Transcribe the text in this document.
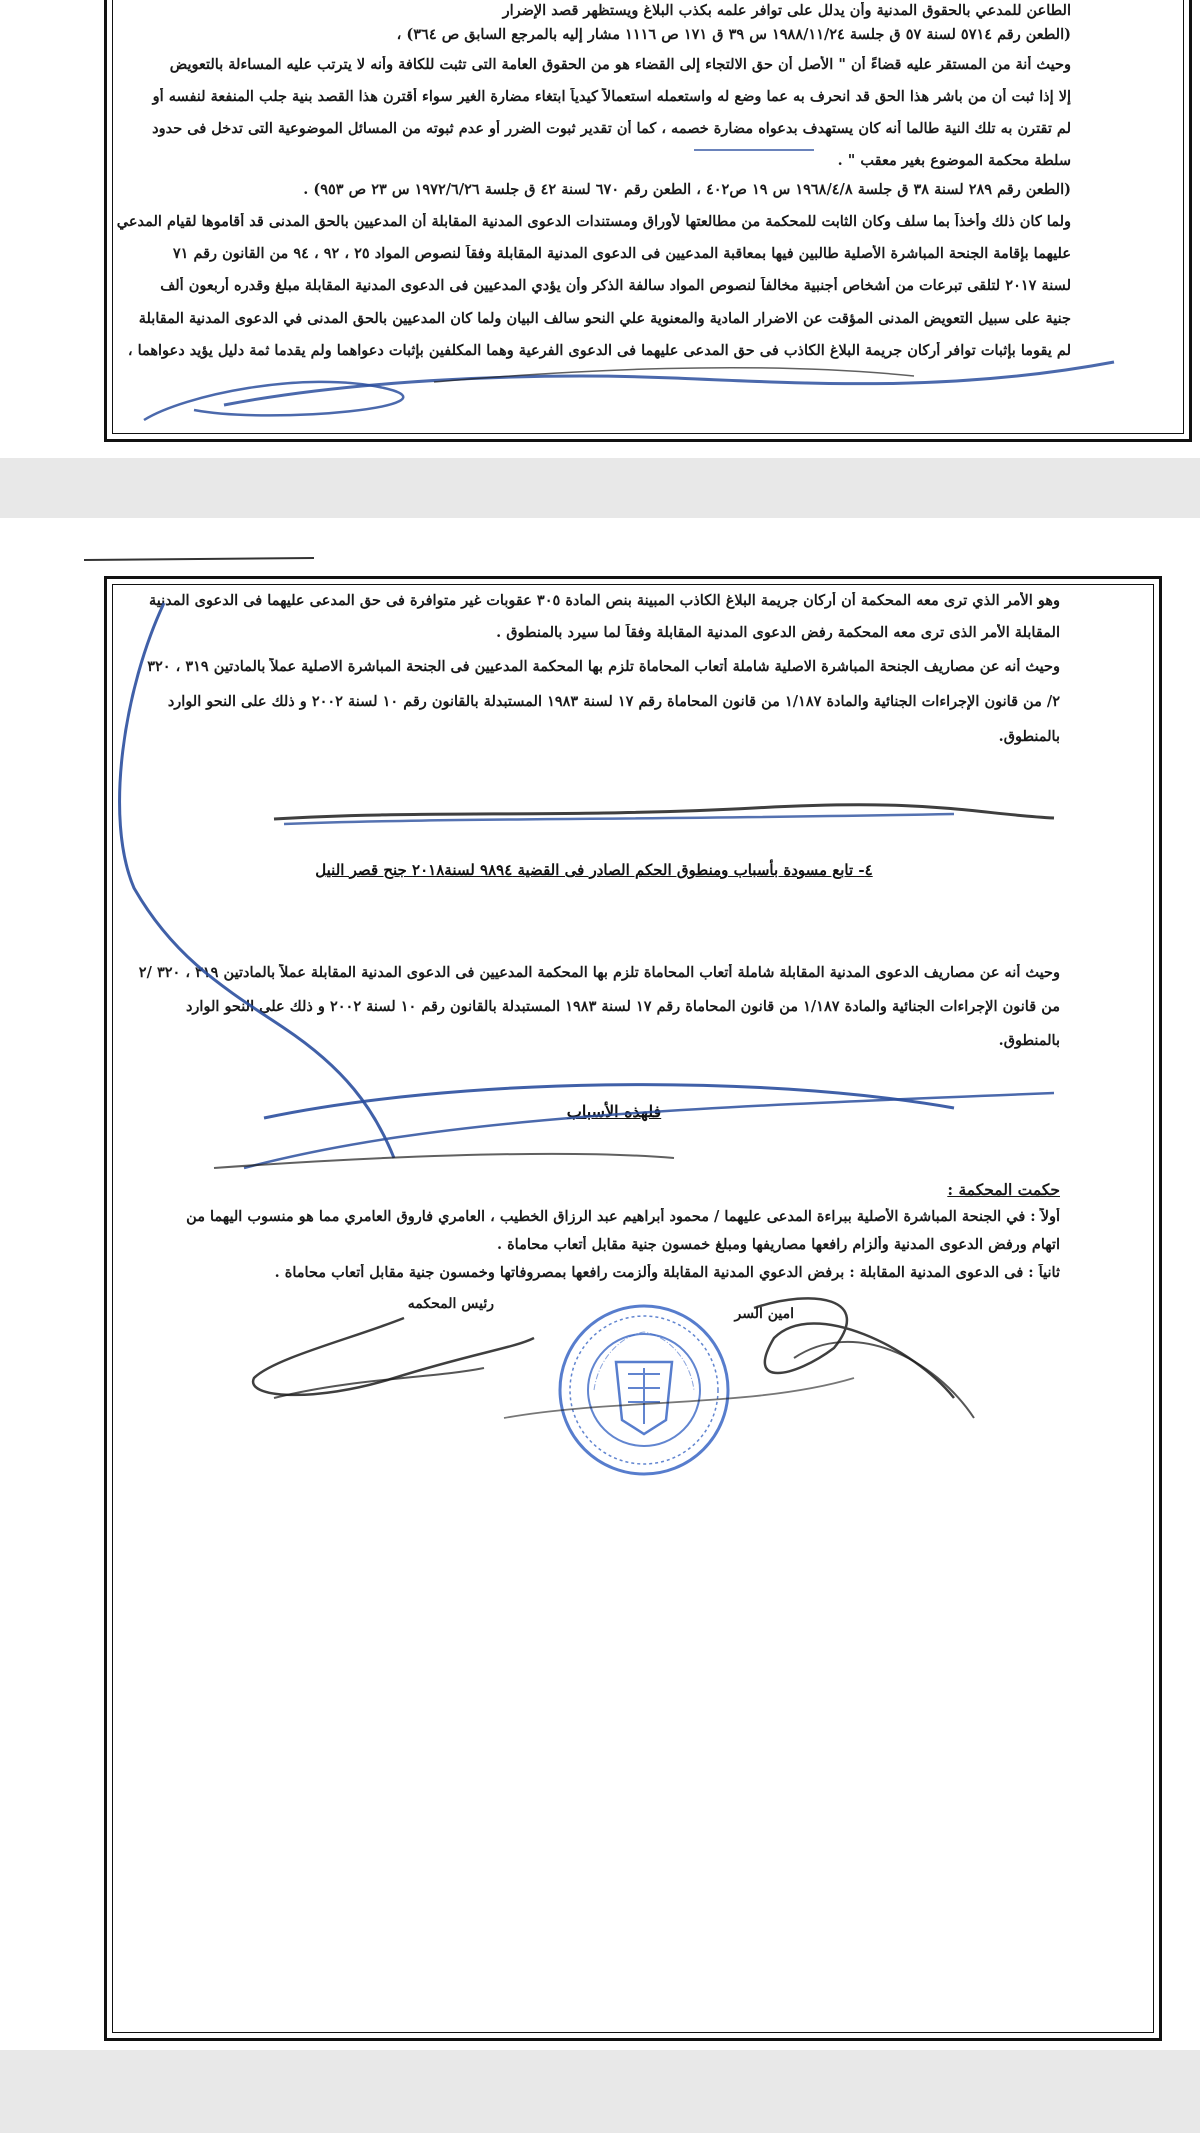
الطاعن للمدعي بالحقوق المدنية وأن يدلل على توافر علمه بكذب البلاغ ويستظهر قصد الإضرار
(الطعن رقم ٥٧١٤ لسنة ٥٧ ق جلسة ١٩٨٨/١١/٢٤ س ٣٩ ق ١٧١ ص ١١١٦ مشار إليه بالمرجع السابق ص ٣٦٤) ،
وحيث أنة من المستقر عليه قضاءً أن " الأصل أن حق الالتجاء إلى القضاء هو من الحقوق العامة التى تثبت للكافة وأنه لا يترتب عليه المساءلة بالتعويض
إلا إذا ثبت أن من باشر هذا الحق قد انحرف به عما وضع له واستعمله استعمالاً كيدياً ابتغاء مضارة الغير سواء أقترن هذا القصد بنية جلب المنفعة لنفسه أو
لم تقترن به تلك النية طالما أنه كان يستهدف بدعواه مضارة خصمه ، كما أن تقدير ثبوت الضرر أو عدم ثبوته من المسائل الموضوعية التى تدخل فى حدود
سلطة محكمة الموضوع بغير معقب " .
(الطعن رقم ٢٨٩ لسنة ٣٨ ق جلسة ١٩٦٨/٤/٨ س ١٩ ص٤٠٢ ، الطعن رقم ٦٧٠ لسنة ٤٢ ق جلسة ١٩٧٢/٦/٢٦ س ٢٣ ص ٩٥٣) .
ولما كان ذلك وأخذاً بما سلف وكان الثابت للمحكمة من مطالعتها لأوراق ومستندات الدعوى المدنية المقابلة أن المدعيين بالحق المدنى قد أقاموها لقيام المدعي
عليهما بإقامة الجنحة المباشرة الأصلية طالبين فيها بمعاقبة المدعيين فى الدعوى المدنية المقابلة وفقاً لنصوص المواد ٢٥ ، ٩٢ ، ٩٤ من القانون رقم ٧١
لسنة ٢٠١٧ لتلقى تبرعات من أشخاص أجنبية مخالفاً لنصوص المواد سالفة الذكر وأن يؤدي المدعيين فى الدعوى المدنية المقابلة مبلغ وقدره أربعون ألف
جنية على سبيل التعويض المدنى المؤقت عن الاضرار المادية والمعنوية علي النحو سالف البيان ولما كان المدعيين بالحق المدنى في الدعوى المدنية المقابلة
لم يقوما بإثبات توافر أركان جريمة البلاغ الكاذب فى حق المدعى عليهما فى الدعوى الفرعية وهما المكلفين بإثبات دعواهما ولم يقدما ثمة دليل يؤيد دعواهما ،
وهو الأمر الذي ترى معه المحكمة أن أركان جريمة البلاغ الكاذب المبينة بنص المادة ٣٠٥ عقوبات غير متوافرة فى حق المدعى عليهما فى الدعوى المدنية
المقابلة الأمر الذى ترى معه المحكمة رفض الدعوى المدنية المقابلة وفقاً لما سيرد بالمنطوق .
وحيث أنه عن مصاريف الجنحة المباشرة الاصلية شاملة أتعاب المحاماة تلزم بها المحكمة المدعيين فى الجنحة المباشرة الاصلية عملاً بالمادتين ٣١٩ ، ٣٢٠
٢/ من قانون الإجراءات الجنائية والمادة ١/١٨٧ من قانون المحاماة رقم ١٧ لسنة ١٩٨٣ المستبدلة بالقانون رقم ١٠ لسنة ٢٠٠٢ و ذلك على النحو الوارد
بالمنطوق.
٤- تابع مسودة بأسباب ومنطوق الحكم الصادر فى القضية ٩٨٩٤ لسنة٢٠١٨ جنح قصر النيل
وحيث أنه عن مصاريف الدعوى المدنية المقابلة شاملة أتعاب المحاماة تلزم بها المحكمة المدعيين فى الدعوى المدنية المقابلة عملاً بالمادتين ٣١٩ ، ٣٢٠ /٢
من قانون الإجراءات الجنائية والمادة ١/١٨٧ من قانون المحاماة رقم ١٧ لسنة ١٩٨٣ المستبدلة بالقانون رقم ١٠ لسنة ٢٠٠٢ و ذلك على النحو الوارد
بالمنطوق.
فلهذه الأسباب
حكمت المحكمة :
أولاً : في الجنحة المباشرة الأصلية ببراءة المدعى عليهما / محمود أبراهيم عبد الرزاق الخطيب ، العامري فاروق العامري مما هو منسوب اليهما من
اتهام ورفض الدعوى المدنية وألزام رافعها مصاريفها ومبلغ خمسون جنية مقابل أتعاب محاماة .
ثانياً : فى الدعوى المدنية المقابلة : برفض الدعوي المدنية المقابلة وألزمت رافعها بمصروفاتها وخمسون جنية مقابل أتعاب محاماة .
امين السر
رئيس المحكمه
